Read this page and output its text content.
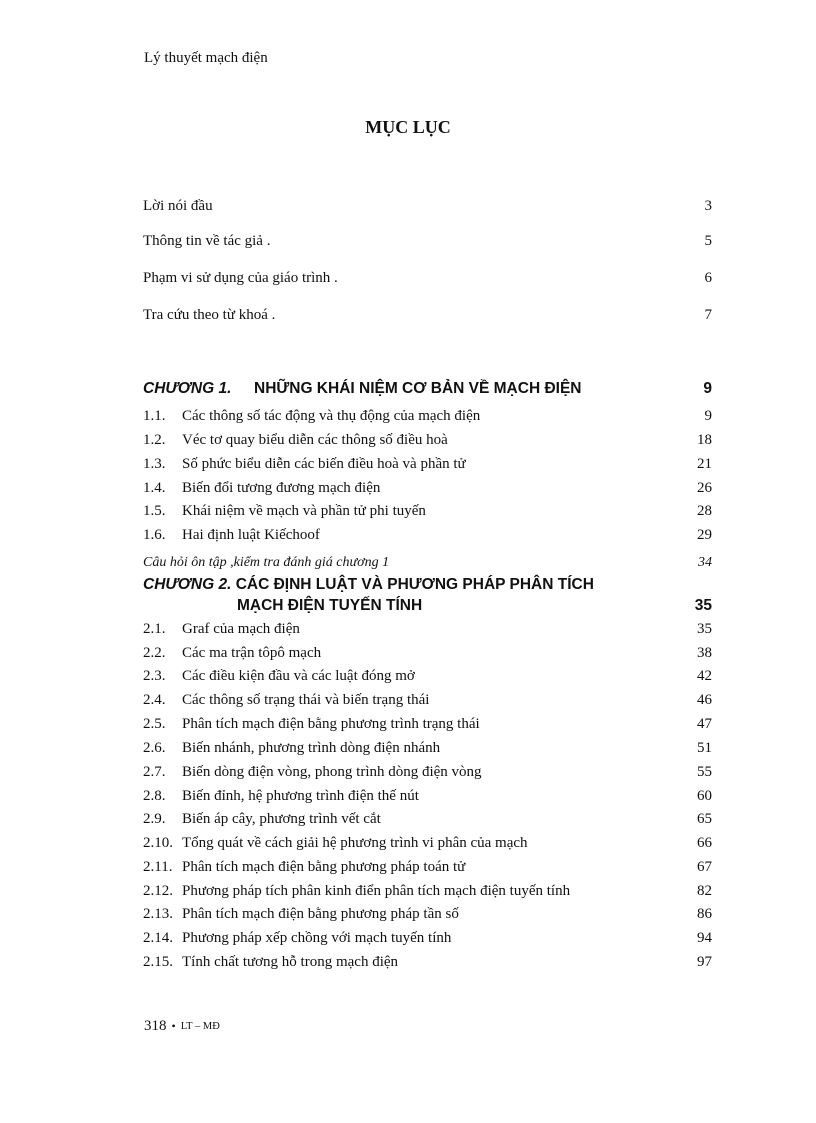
Lý thuyết mạch điện
MỤC LỤC
Lời nói đầu	3
Thông tin về tác giả .	5
Phạm vi sử dụng của giáo trình .	6
Tra cứu theo từ khoá .	7
CHƯƠNG 1. NHỮNG KHÁI NIỆM CƠ BẢN VỀ MẠCH ĐIỆN	9
1.1. Các thông số tác động và thụ động của mạch điện	9
1.2. Véc tơ quay biểu diễn các thông số điều hoà	18
1.3. Số phức biểu diễn các biến điều hoà và phần tử	21
1.4. Biến đổi tương đương mạch điện	26
1.5. Khái niệm về mạch và phần tử phi tuyến	28
1.6. Hai định luật Kiếchoof	29
Câu hỏi ôn tập ,kiểm tra đánh giá chương 1	34
CHƯƠNG 2. CÁC ĐỊNH LUẬT VÀ PHƯƠNG PHÁP PHÂN TÍCH
MẠCH ĐIỆN TUYẾN TÍNH	35
2.1. Graf của mạch điện	35
2.2. Các ma trận tôpô mạch	38
2.3. Các điều kiện đầu và các luật đóng mở	42
2.4. Các thông số trạng thái và biến trạng thái	46
2.5. Phân tích mạch điện bằng phương trình trạng thái	47
2.6. Biến nhánh, phương trình dòng điện nhánh	51
2.7. Biến dòng điện vòng, phong trình dòng điện vòng	55
2.8. Biến đỉnh, hệ phương trình điện thế nút	60
2.9. Biến áp cây, phương trình vết cắt	65
2.10. Tổng quát về cách giải hệ phương trình vi phân của mạch	66
2.11. Phân tích mạch điện bằng phương pháp toán tử	67
2.12. Phương pháp tích phân kinh điển phân tích mạch điện tuyến tính	82
2.13. Phân tích mạch điện bằng phương pháp tần số	86
2.14. Phương pháp xếp chồng với mạch tuyến tính	94
2.15. Tính chất tương hỗ trong mạch điện	97
318 • LT – MĐ
